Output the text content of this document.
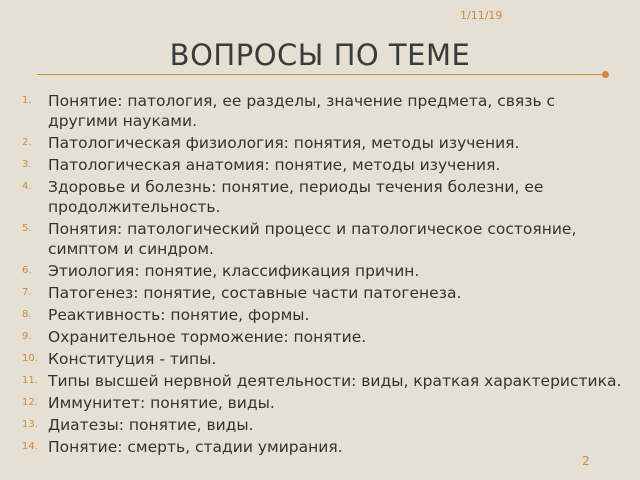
1/11/19
ВОПРОСЫ ПО ТЕМЕ
1. Понятие: патология, ее разделы, значение предмета, связь с другими науками.
2. Патологическая физиология: понятия, методы изучения.
3. Патологическая анатомия: понятие, методы изучения.
4. Здоровье и болезнь: понятие, периоды течения болезни, ее продолжительность.
5. Понятия: патологический процесс и патологическое состояние, симптом и синдром.
6. Этиология: понятие, классификация причин.
7. Патогенез: понятие, составные части патогенеза.
8. Реактивность: понятие, формы.
9. Охранительное торможение: понятие.
10. Конституция - типы.
11. Типы высшей нервной деятельности: виды, краткая характеристика.
12. Иммунитет: понятие, виды.
13. Диатезы: понятие, виды.
14. Понятие: смерть, стадии умирания.
2
